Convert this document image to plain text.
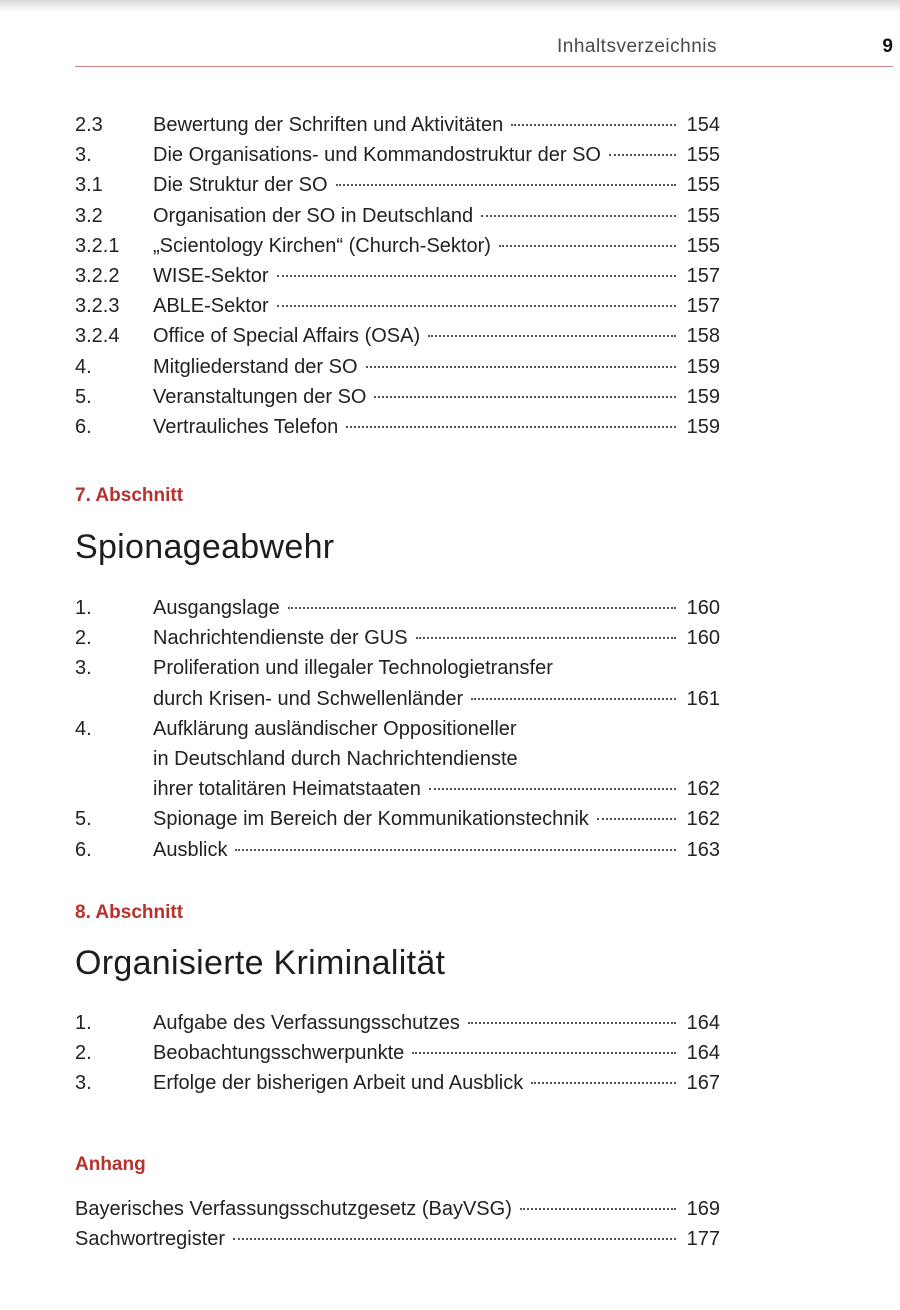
Inhaltsverzeichnis	9
2.3	Bewertung der Schriften und Aktivitäten	154
3.	Die Organisations- und Kommandostruktur der SO	155
3.1	Die Struktur der SO	155
3.2	Organisation der SO in Deutschland	155
3.2.1	„Scientology Kirchen“ (Church-Sektor)	155
3.2.2	WISE-Sektor	157
3.2.3	ABLE-Sektor	157
3.2.4	Office of Special Affairs (OSA)	158
4.	Mitgliederstand der SO	159
5.	Veranstaltungen der SO	159
6.	Vertrauliches Telefon	159
7. Abschnitt
Spionageabwehr
1.	Ausgangslage	160
2.	Nachrichtendienste der GUS	160
3.	Proliferation und illegaler Technologietransfer
durch Krisen- und Schwellenländer	161
4.	Aufklärung ausländischer Oppositioneller
in Deutschland durch Nachrichtendienste
ihrer totalitären Heimatstaaten	162
5.	Spionage im Bereich der Kommunikationstechnik	162
6.	Ausblick	163
8. Abschnitt
Organisierte Kriminalität
1.	Aufgabe des Verfassungsschutzes	164
2.	Beobachtungsschwerpunkte	164
3.	Erfolge der bisherigen Arbeit und Ausblick	167
Anhang
Bayerisches Verfassungsschutzgesetz (BayVSG)	169
Sachwortregister	177
